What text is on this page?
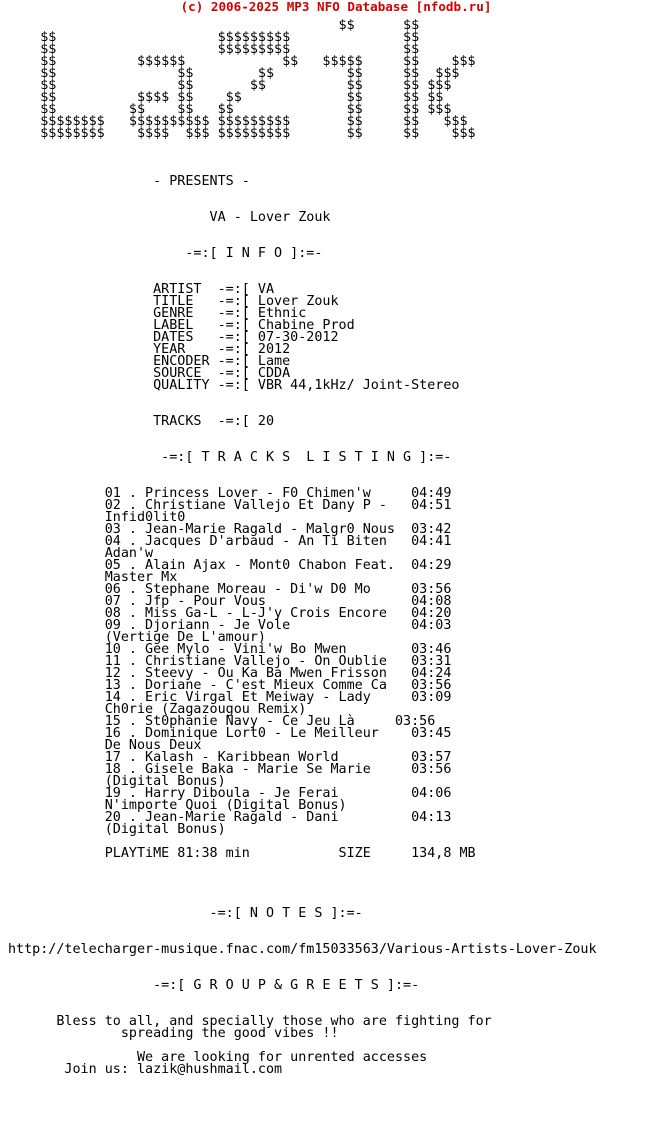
(c) 2006-2025 MP3 NFO Database [nfodb.ru]
$$      $$
$$                    $$$$$$$$$              $$
$$                    $$$$$$$$$              $$
$$          $$$$$$            $$   $$$$$     $$    $$$
$$               $$        $$         $$     $$  $$$
$$               $$       $$          $$     $$ $$$
$$          $$$$ $$    $$             $$     $$ $$
$$         $$    $$   $$              $$     $$ $$$
$$$$$$$$   $$$$$$$$$$ $$$$$$$$$       $$     $$   $$$
$$$$$$$$    $$$$  $$$ $$$$$$$$$       $$     $$    $$$
- PRESENTS -
VA - Lover Zouk
-=:[ I N F O ]:=-
ARTIST  -=:[ VA
TITLE   -=:[ Lover Zouk
GENRE   -=:[ Ethnic
LABEL   -=:[ Chabine Prod
DATES   -=:[ 07-30-2012
YEAR    -=:[ 2012
ENCODER -=:[ Lame
SOURCE  -=:[ CDDA
QUALITY -=:[ VBR 44,1kHz/ Joint-Stereo
TRACKS  -=:[ 20
-=:[ T R A C K S  L I S T I N G ]:=-
01 . Princess Lover - F0 Chimen'w     04:49
02 . Christiane Vallejo Et Dany P -   04:51
Infid0lit0
03 . Jean-Marie Ragald - Malgr0 Nous  03:42
04 . Jacques D'arbaud - An Ti Biten   04:41
Adan'w
05 . Alain Ajax - Mont0 Chabon Feat.  04:29
Master Mx
06 . Stephane Moreau - Di'w D0 Mo     03:56
07 . Jfp - Pour Vous                  04:08
08 . Miss Ga-L - L-J'y Crois Encore   04:20
09 . Djoriann - Je Vole               04:03
(Vertige De L'amour)
10 . Gee Mylo - Vini'w Bo Mwen        03:46
11 . Christiane Vallejo - On Oublie   03:31
12 . Steevy - Ou Ka Ba Mwen Frisson   04:24
13 . Doriane - C'est Mieux Comme Ca   03:56
14 . Eric Virgal Et Meiway - Lady     03:09
Ch0rie (Zagazougou Remix)
15 . St0phanie Navy - Ce Jeu Là     03:56
16 . Dominique Lort0 - Le Meilleur    03:45
De Nous Deux
17 . Kalash - Karibbean World         03:57
18 . Gisele Baka - Marie Se Marie     03:56
(Digital Bonus)
19 . Harry Diboula - Je Ferai         04:06
N'importe Quoi (Digital Bonus)
20 . Jean-Marie Ragald - Dani         04:13
(Digital Bonus)
PLAYTiME 81:38 min           SIZE     134,8 MB
-=:[ N O T E S ]:=-
http://telecharger-musique.fnac.com/fm15033563/Various-Artists-Lover-Zouk
-=:[ G R O U P & G R E E T S ]:=-
Bless to all, and specially those who are fighting for
spreading the good vibes !!
We are looking for unrented accesses
Join us: lazik@hushmail.com
